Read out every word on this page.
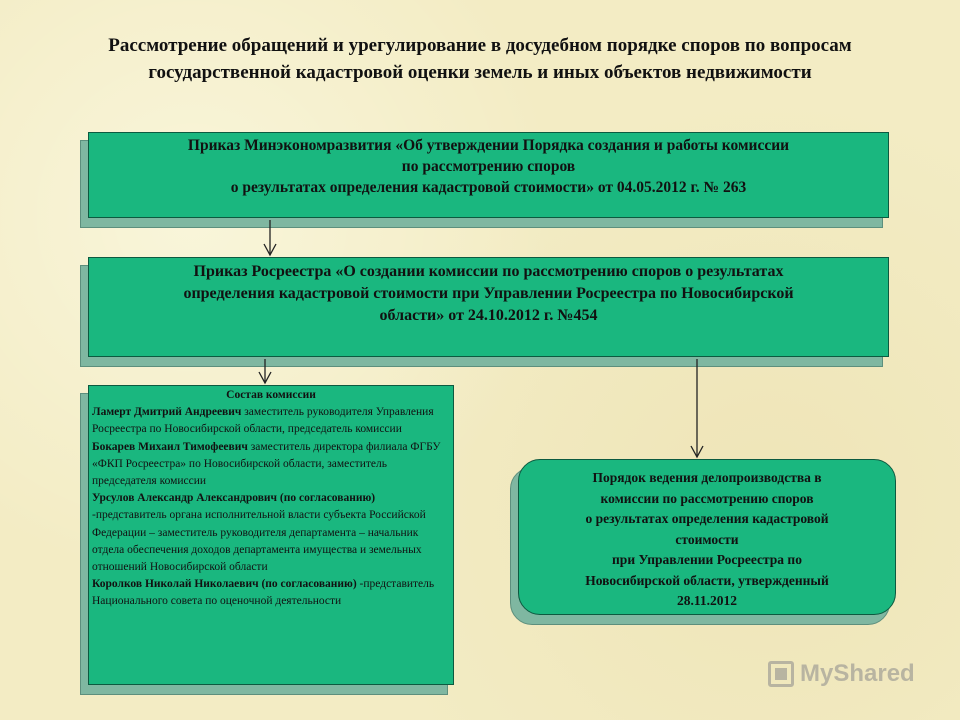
Рассмотрение обращений и урегулирование в досудебном порядке споров по вопросам государственной кадастровой оценки земель и иных объектов недвижимости
Приказ Минэкономразвития «Об утверждении Порядка создания и работы комиссии
по рассмотрению споров
о результатах определения кадастровой стоимости» от 04.05.2012 г. № 263
Приказ Росреестра «О создании комиссии по рассмотрению споров о результатах
определения кадастровой стоимости при Управлении Росреестра по Новосибирской
области» от 24.10.2012 г. №454
Состав комиссии
Ламерт Дмитрий Андреевич заместитель руководителя Управления Росреестра по Новосибирской области, председатель комиссии
Бокарев Михаил Тимофеевич заместитель директора филиала ФГБУ «ФКП Росреестра» по Новосибирской области, заместитель председателя комиссии
Урсулов Александр Александрович (по согласованию) -представитель органа исполнительной власти субъекта Российской Федерации – заместитель руководителя департамента – начальник отдела обеспечения доходов департамента имущества и земельных отношений Новосибирской области
Королков Николай Николаевич (по согласованию) -представитель Национального совета по оценочной деятельности
Порядок ведения делопроизводства в
комиссии по рассмотрению споров
о результатах определения кадастровой
стоимости
при Управлении Росреестра по
Новосибирской области, утвержденный
28.11.2012
MyShared
